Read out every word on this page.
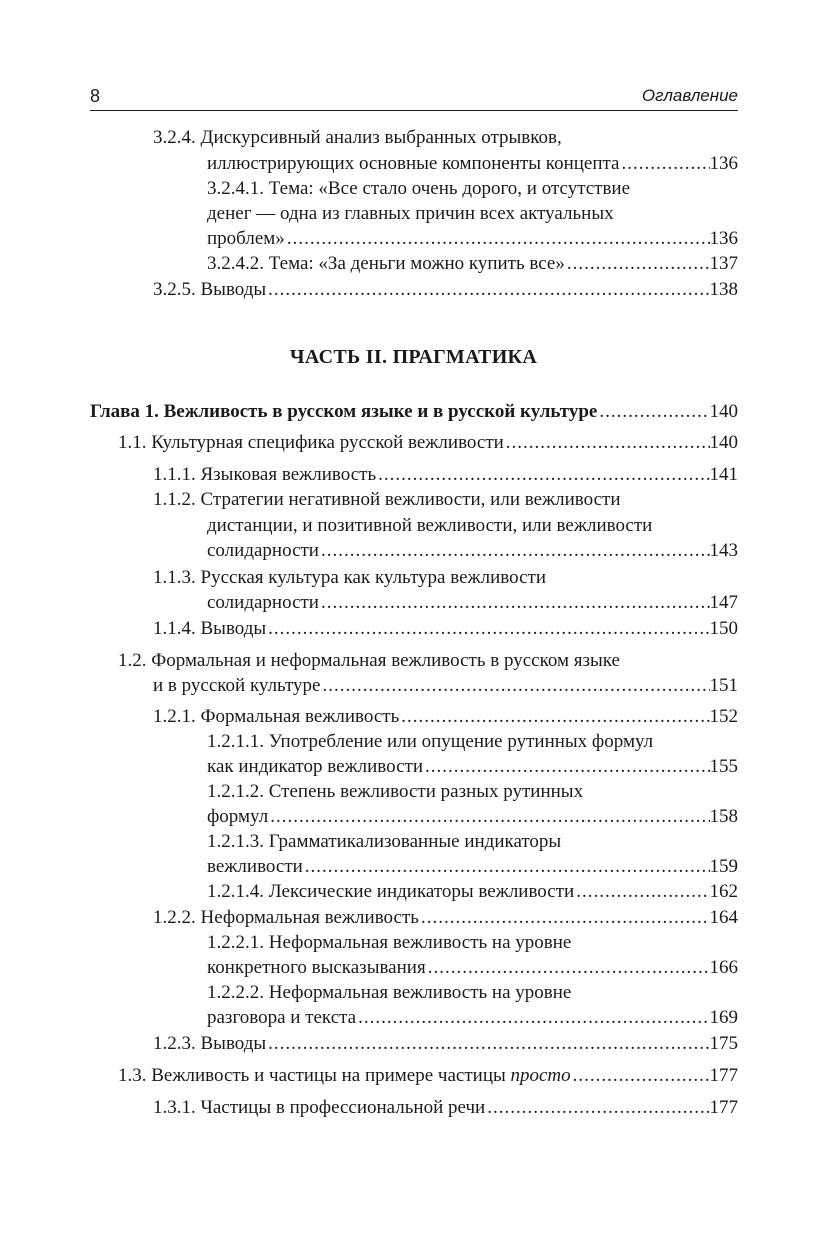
8	Оглавление
3.2.4. Дискурсивный анализ выбранных отрывков,
иллюстрирующих основные компоненты концепта .....	136
3.2.4.1. Тема: «Все стало очень дорого, и отсутствие
денег — одна из главных причин всех актуальных
проблем» .....	136
3.2.4.2. Тема: «За деньги можно купить все» .....	137
3.2.5. Выводы .....	138
ЧАСТЬ II. ПРАГМАТИКА
Глава 1. Вежливость в русском языке и в русской культуре .....	140
1.1. Культурная специфика русской вежливости .....	140
1.1.1. Языковая вежливость .....	141
1.1.2. Стратегии негативной вежливости, или вежливости
дистанции, и позитивной вежливости, или вежливости
солидарности .....	143
1.1.3. Русская культура как культура вежливости
солидарности .....	147
1.1.4. Выводы .....	150
1.2. Формальная и неформальная вежливость в русском языке
и в русской культуре .....	151
1.2.1. Формальная вежливость .....	152
1.2.1.1. Употребление или опущение рутинных формул
как индикатор вежливости .....	155
1.2.1.2. Степень вежливости разных рутинных
формул .....	158
1.2.1.3. Грамматикализованные индикаторы
вежливости .....	159
1.2.1.4. Лексические индикаторы вежливости .....	162
1.2.2. Неформальная вежливость .....	164
1.2.2.1. Неформальная вежливость на уровне
конкретного высказывания .....	166
1.2.2.2. Неформальная вежливость на уровне
разговора и текста .....	169
1.2.3. Выводы .....	175
1.3. Вежливость и частицы на примере частицы просто .....	177
1.3.1. Частицы в профессиональной речи .....	177
